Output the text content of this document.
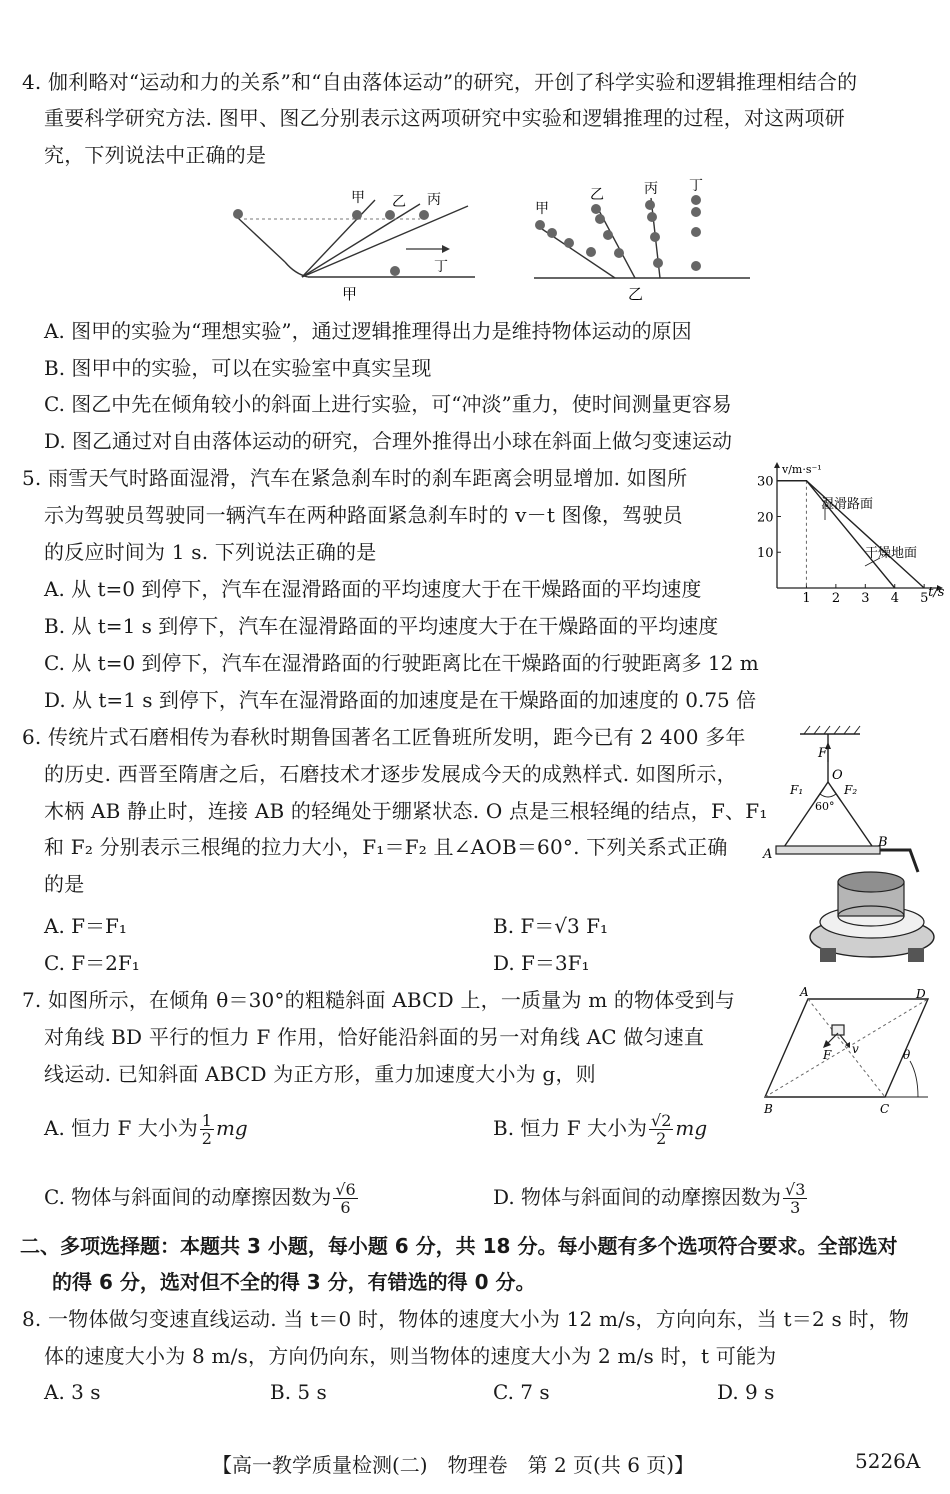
4. 伽利略对“运动和力的关系”和“自由落体运动”的研究，开创了科学实验和逻辑推理相结合的
重要科学研究方法. 图甲、图乙分别表示这两项研究中实验和逻辑推理的过程，对这两项研
究，下列说法中正确的是
甲 乙 丙
丁
甲
甲
乙	丙 丁
乙
A. 图甲的实验为“理想实验”，通过逻辑推理得出力是维持物体运动的原因
B. 图甲中的实验，可以在实验室中真实呈现
C. 图乙中先在倾角较小的斜面上进行实验，可“冲淡”重力，使时间测量更容易
D. 图乙通过对自由落体运动的研究，合理外推得出小球在斜面上做匀变速运动
5. 雨雪天气时路面湿滑，汽车在紧急刹车时的刹车距离会明显增加. 如图所
示为驾驶员驾驶同一辆汽车在两种路面紧急刹车时的 v－t 图像，驾驶员
的反应时间为 1 s. 下列说法正确的是
v/m·s⁻¹
t/s
1 2 3 4 5
10
20
30
湿滑路面
干燥地面
A. 从 t=0 到停下，汽车在湿滑路面的平均速度大于在干燥路面的平均速度
B. 从 t=1 s 到停下，汽车在湿滑路面的平均速度大于在干燥路面的平均速度
C. 从 t=0 到停下，汽车在湿滑路面的行驶距离比在干燥路面的行驶距离多 12 m
D. 从 t=1 s 到停下，汽车在湿滑路面的加速度是在干燥路面的加速度的 0.75 倍
6. 传统片式石磨相传为春秋时期鲁国著名工匠鲁班所发明，距今已有 2 400 多年
的历史. 西晋至隋唐之后，石磨技术才逐步发展成今天的成熟样式. 如图所示，
木柄 AB 静止时，连接 AB 的轻绳处于绷紧状态. O 点是三根轻绳的结点，F、F₁
和 F₂ 分别表示三根绳的拉力大小，F₁＝F₂ 且∠AOB＝60°. 下列关系式正确
的是
F
O
F₁	F₂
60°
A
B
A. F＝F₁	B. F＝√3 F₁
C. F＝2F₁	D. F＝3F₁
7. 如图所示，在倾角 θ＝30°的粗糙斜面 ABCD 上，一质量为 m 的物体受到与
对角线 BD 平行的恒力 F 作用，恰好能沿斜面的另一对角线 AC 做匀速直
线运动. 已知斜面 ABCD 为正方形，重力加速度大小为 g，则
A	D
B	C
F v	θ
A. 恒力 F 大小为 $\frac{1}{2}$ mg	B. 恒力 F 大小为 $\frac{√2}{2}$ mg
C. 物体与斜面间的动摩擦因数为 $\frac{√6}{6}$	D. 物体与斜面间的动摩擦因数为 $\frac{√3}{3}$
二、多项选择题：本题共 3 小题，每小题 6 分，共 18 分。每小题有多个选项符合要求。全部选对
的得 6 分，选对但不全的得 3 分，有错选的得 0 分。
8. 一物体做匀变速直线运动. 当 t＝0 时，物体的速度大小为 12 m/s，方向向东，当 t＝2 s 时，物
体的速度大小为 8 m/s，方向仍向东，则当物体的速度大小为 2 m/s 时，t 可能为
A. 3 s	B. 5 s	C. 7 s	D. 9 s
【高一教学质量检测(二)　物理卷　第 2 页(共 6 页)】	5226A
